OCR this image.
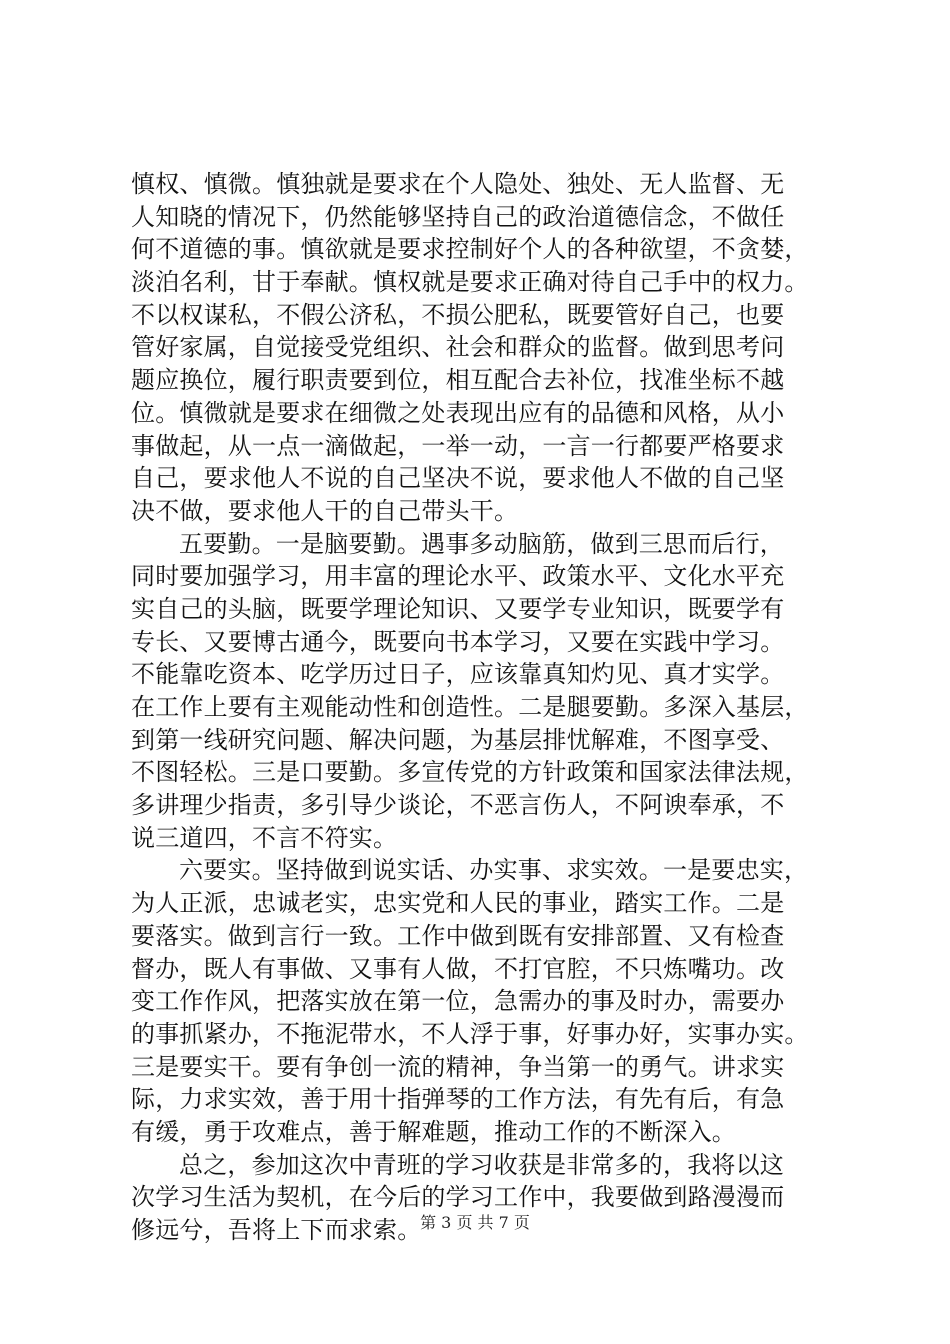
慎权、慎微。慎独就是要求在个人隐处、独处、无人监督、无
人知晓的情况下，仍然能够坚持自己的政治道德信念，不做任
何不道德的事。慎欲就是要求控制好个人的各种欲望，不贪婪，
淡泊名利，甘于奉献。慎权就是要求正确对待自己手中的权力。
不以权谋私，不假公济私，不损公肥私，既要管好自己，也要
管好家属，自觉接受党组织、社会和群众的监督。做到思考问
题应换位，履行职责要到位，相互配合去补位，找准坐标不越
位。慎微就是要求在细微之处表现出应有的品德和风格，从小
事做起，从一点一滴做起，一举一动，一言一行都要严格要求
自己，要求他人不说的自己坚决不说，要求他人不做的自己坚
决不做，要求他人干的自己带头干。
五要勤。一是脑要勤。遇事多动脑筋，做到三思而后行，
同时要加强学习，用丰富的理论水平、政策水平、文化水平充
实自己的头脑，既要学理论知识、又要学专业知识，既要学有
专长、又要博古通今，既要向书本学习，又要在实践中学习。
不能靠吃资本、吃学历过日子，应该靠真知灼见、真才实学。
在工作上要有主观能动性和创造性。二是腿要勤。多深入基层，
到第一线研究问题、解决问题，为基层排忧解难，不图享受、
不图轻松。三是口要勤。多宣传党的方针政策和国家法律法规，
多讲理少指责，多引导少谈论，不恶言伤人，不阿谀奉承，不
说三道四，不言不符实。
六要实。坚持做到说实话、办实事、求实效。一是要忠实，
为人正派，忠诚老实，忠实党和人民的事业，踏实工作。二是
要落实。做到言行一致。工作中做到既有安排部置、又有检查
督办，既人有事做、又事有人做，不打官腔，不只炼嘴功。改
变工作作风，把落实放在第一位，急需办的事及时办，需要办
的事抓紧办，不拖泥带水，不人浮于事，好事办好，实事办实。
三是要实干。要有争创一流的精神，争当第一的勇气。讲求实
际，力求实效，善于用十指弹琴的工作方法，有先有后，有急
有缓，勇于攻难点，善于解难题，推动工作的不断深入。
总之，参加这次中青班的学习收获是非常多的，我将以这
次学习生活为契机，在今后的学习工作中，我要做到路漫漫而
修远兮，吾将上下而求索。
第 3 页 共 7 页
